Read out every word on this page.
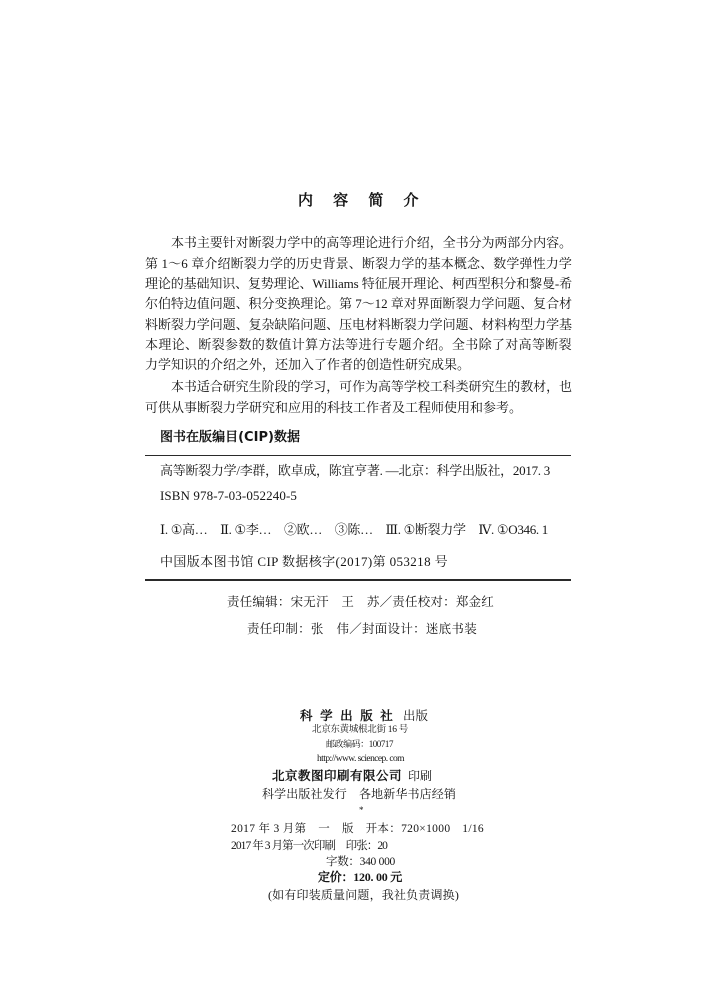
内 容 简 介
本书主要针对断裂力学中的高等理论进行介绍，全书分为两部分内容。
第 1～6 章介绍断裂力学的历史背景、断裂力学的基本概念、数学弹性力学
理论的基础知识、复势理论、Williams 特征展开理论、柯西型积分和黎曼-希
尔伯特边值问题、积分变换理论。第 7～12 章对界面断裂力学问题、复合材
料断裂力学问题、复杂缺陷问题、压电材料断裂力学问题、材料构型力学基
本理论、断裂参数的数值计算方法等进行专题介绍。全书除了对高等断裂
力学知识的介绍之外，还加入了作者的创造性研究成果。
本书适合研究生阶段的学习，可作为高等学校工科类研究生的教材，也
可供从事断裂力学研究和应用的科技工作者及工程师使用和参考。
图书在版编目(CIP)数据
高等断裂力学/李群，欧卓成，陈宜亨著. —北京：科学出版社，2017. 3
ISBN 978-7-03-052240-5
Ⅰ. ①高…　Ⅱ. ①李…　②欧…　③陈…　Ⅲ. ①断裂力学　Ⅳ. ①O346. 1
中国版本图书馆 CIP 数据核字(2017)第 053218 号
责任编辑：宋无汗　王　苏／责任校对：郑金红
责任印制：张　伟／封面设计：迷底书装
科 学 出 版 社 出版
北京东黄城根北街 16 号
邮政编码：100717
http://www. sciencep. com
北京教图印刷有限公司 印刷
科学出版社发行　各地新华书店经销
*
2017 年 3 月第　一　版　开本：720×1000　1/16
2017 年 3 月第一次印刷　印张：20
字数：340 000
定价：120. 00 元
(如有印装质量问题，我社负责调换)
